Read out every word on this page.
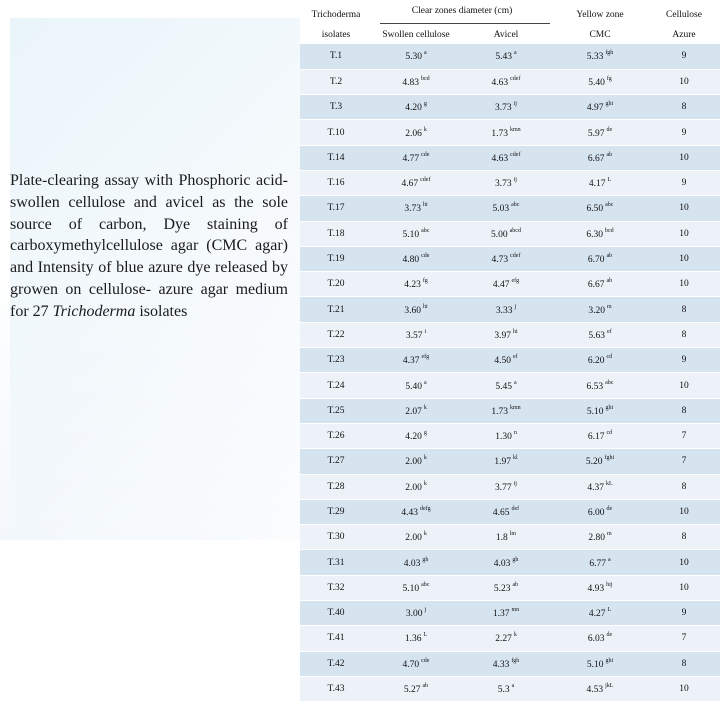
Plate-clearing assay with Phosphoric acid-swollen cellulose and avicel as the sole source of carbon, Dye staining of carboxymethylcellulose agar (CMC agar) and Intensity of blue azure dye released by growen on cellulose- azure agar medium for 27 Trichoderma isolates
Trichoderma	Clear zones diameter (cm)		Yellow zone	Cellulose
isolates	Swollen cellulose	Avicel	CMC	Azure
T.1	5.30 $^a$	5.43 $^a$	5.33 $^{fgh}$	9
T.2	4.83 $^{bcd}$	4.63 $^{cdef}$	5.40 $^{fg}$	10
T.3	4.20 $^g$	3.73 $^{ij}$	4.97 $^{ghi}$	8
T.10	2.06 $^k$	1.73 $^{kmn}$	5.97 $^{de}$	9
T.14	4.77 $^{cde}$	4.63 $^{cdef}$	6.67 $^{ab}$	10
T.16	4.67 $^{cdef}$	3.73 $^{ij}$	4.17 $^L$	9
T.17	3.73 $^{hi}$	5.03 $^{abc}$	6.50 $^{abc}$	10
T.18	5.10 $^{abc}$	5.00 $^{abcd}$	6.30 $^{bcd}$	10
T.19	4.80 $^{cde}$	4.73 $^{cdef}$	6.70 $^{ab}$	10
T.20	4.23 $^{fg}$	4.47 $^{efg}$	6.67 $^{ab}$	10
T.21	3.60 $^{hi}$	3.33 $^j$	3.20 $^m$	8
T.22	3.57 $^i$	3.97 $^{hi}$	5.63 $^{ef}$	8
T.23	4.37 $^{efg}$	4.50 $^{ef}$	6.20 $^{cd}$	9
T.24	5.40 $^a$	5.45 $^a$	6.53 $^{abc}$	10
T.25	2.07 $^k$	1.73 $^{kmn}$	5.10 $^{ghi}$	8
T.26	4.20 $^g$	1.30 $^n$	6.17 $^{cd}$	7
T.27	2.00 $^k$	1.97 $^{kl}$	5.20 $^{fghi}$	7
T.28	2.00 $^k$	3.77 $^{ij}$	4.37 $^{kL}$	8
T.29	4.43 $^{defg}$	4.65 $^{def}$	6.00 $^{de}$	10
T.30	2.00 $^k$	1.8 $^{lm}$	2.80 $^m$	8
T.31	4.03 $^{gh}$	4.03 $^{gh}$	6.77 $^a$	10
T.32	5.10 $^{abc}$	5.23 $^{ab}$	4.93 $^{hij}$	10
T.40	3.00 $^j$	1.37 $^{mn}$	4.27 $^L$	9
T.41	1.36 $^L$	2.27 $^k$	6.03 $^{de}$	7
T.42	4.70 $^{cde}$	4.33 $^{fgh}$	5.10 $^{ghi}$	8
T.43	5.27 $^{ab}$	5.3 $^a$	4.53 $^{jkL}$	10
